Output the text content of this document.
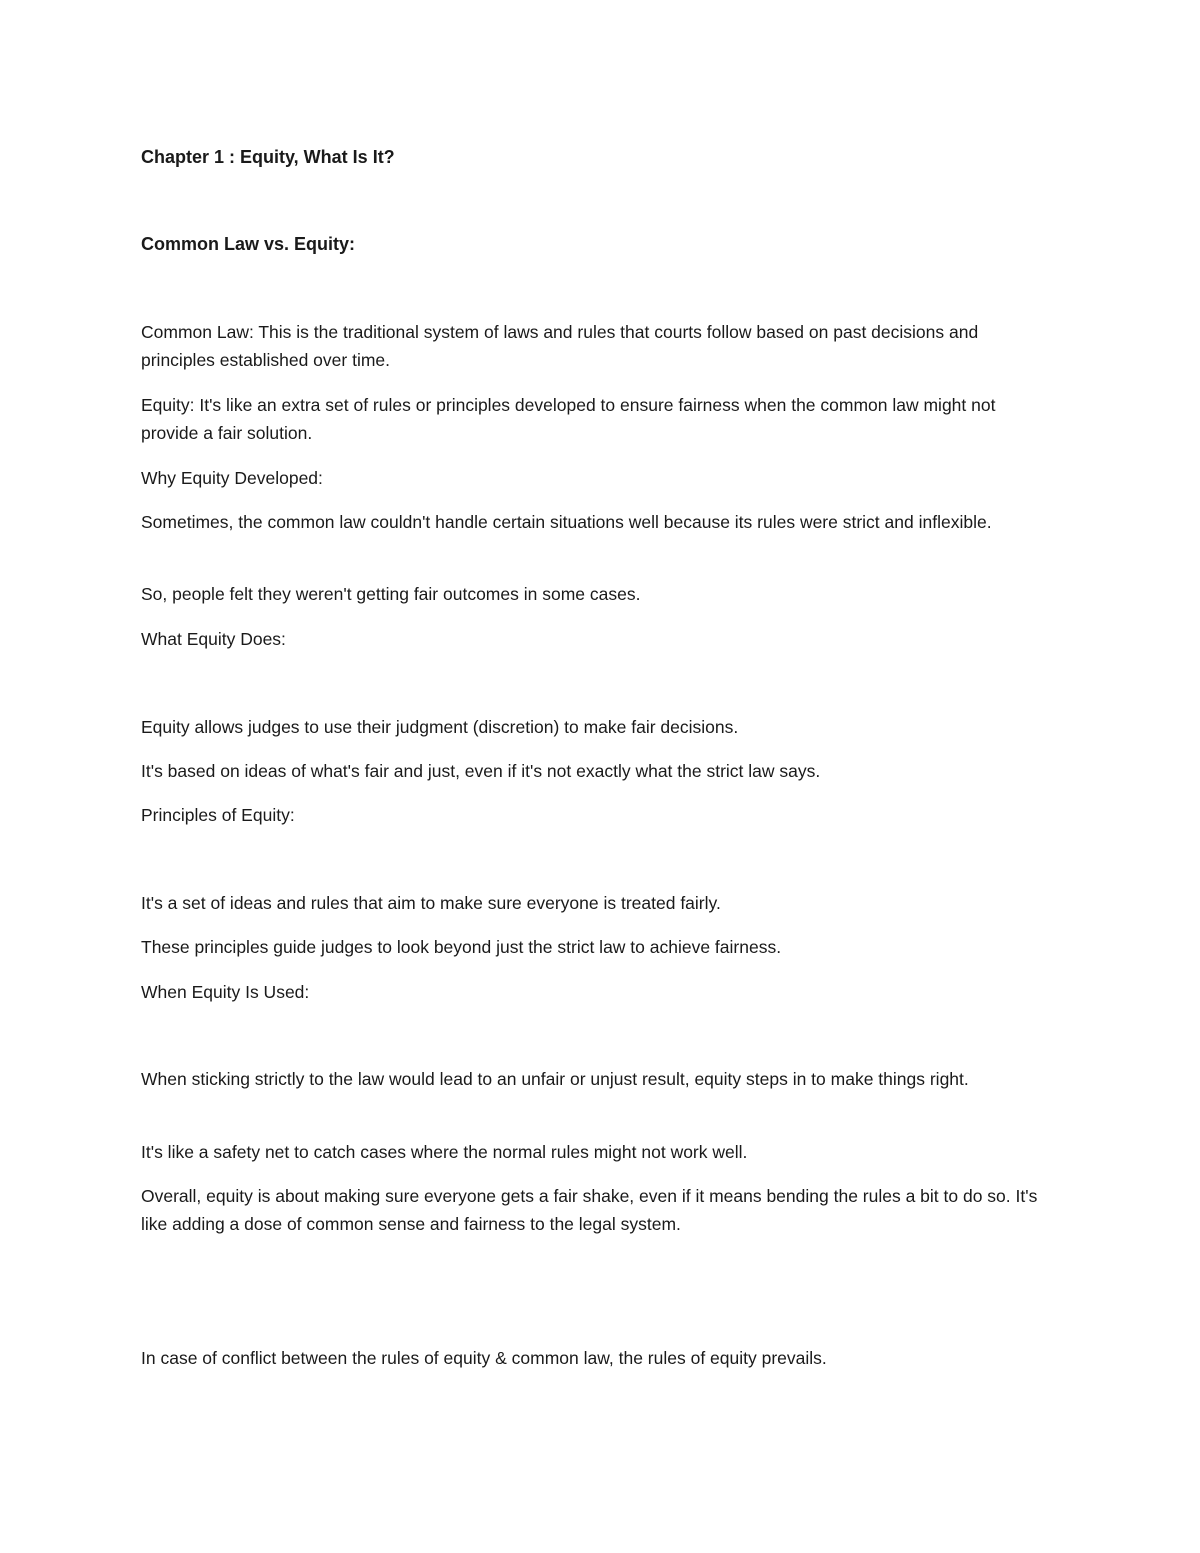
Chapter 1 : Equity, What Is It?

Common Law vs. Equity:

Common Law: This is the traditional system of laws and rules that courts follow based on past decisions and principles established over time.

Equity: It's like an extra set of rules or principles developed to ensure fairness when the common law might not provide a fair solution.

Why Equity Developed:

Sometimes, the common law couldn't handle certain situations well because its rules were strict and inflexible.

So, people felt they weren't getting fair outcomes in some cases.

What Equity Does:

Equity allows judges to use their judgment (discretion) to make fair decisions.

It's based on ideas of what's fair and just, even if it's not exactly what the strict law says.

Principles of Equity:

It's a set of ideas and rules that aim to make sure everyone is treated fairly.

These principles guide judges to look beyond just the strict law to achieve fairness.

When Equity Is Used:

When sticking strictly to the law would lead to an unfair or unjust result, equity steps in to make things right.

It's like a safety net to catch cases where the normal rules might not work well.

Overall, equity is about making sure everyone gets a fair shake, even if it means bending the rules a bit to do so. It's like adding a dose of common sense and fairness to the legal system.

In case of conflict between the rules of equity & common law, the rules of equity prevails.
